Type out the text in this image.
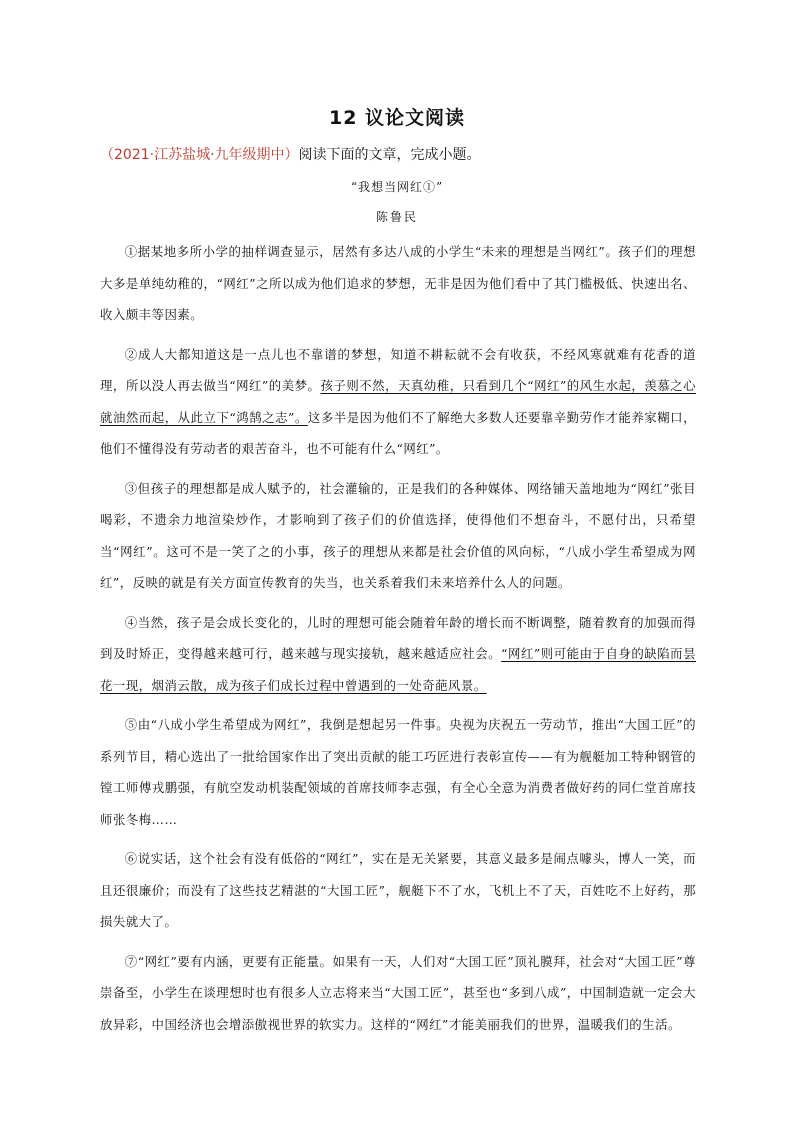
12 议论文阅读
（2021·江苏盐城·九年级期中）阅读下面的文章，完成小题。
“我想当网红①”
陈鲁民

①据某地多所小学的抽样调查显示，居然有多达八成的小学生“未来的理想是当网红”。孩子们的理想大多是单纯幼稚的，“网红”之所以成为他们追求的梦想，无非是因为他们看中了其门槛极低、快速出名、收入颇丰等因素。

②成人大都知道这是一点儿也不靠谱的梦想，知道不耕耘就不会有收获，不经风寒就难有花香的道理，所以没人再去做当“网红”的美梦。孩子则不然，天真幼稚，只看到几个“网红”的风生水起，羡慕之心就油然而起，从此立下“鸿鹄之志”。这多半是因为他们不了解绝大多数人还要靠辛勤劳作才能养家糊口，他们不懂得没有劳动者的艰苦奋斗，也不可能有什么“网红”。

③但孩子的理想都是成人赋予的，社会灌输的，正是我们的各种媒体、网络铺天盖地地为“网红”张目喝彩，不遗余力地渲染炒作，才影响到了孩子们的价值选择，使得他们不想奋斗，不愿付出，只希望当“网红”。这可不是一笑了之的小事，孩子的理想从来都是社会价值的风向标，“八成小学生希望成为网红”，反映的就是有关方面宣传教育的失当，也关系着我们未来培养什么人的问题。

④当然，孩子是会成长变化的，儿时的理想可能会随着年龄的增长而不断调整，随着教育的加强而得到及时矫正，变得越来越可行，越来越与现实接轨，越来越适应社会。“网红”则可能由于自身的缺陷而昙花一现，烟消云散，成为孩子们成长过程中曾遇到的一处奇葩风景。

⑤由“八成小学生希望成为网红”，我倒是想起另一件事。央视为庆祝五一劳动节，推出“大国工匠”的系列节目，精心选出了一批给国家作出了突出贡献的能工巧匠进行表彰宣传——有为舰艇加工特种钢管的镗工师傅戎鹏强，有航空发动机装配领域的首席技师李志强，有全心全意为消费者做好药的同仁堂首席技师张冬梅……

⑥说实话，这个社会有没有低俗的“网红”，实在是无关紧要，其意义最多是闹点噱头，博人一笑，而且还很廉价；而没有了这些技艺精湛的“大国工匠”，舰艇下不了水，飞机上不了天，百姓吃不上好药，那损失就大了。

⑦“网红”要有内涵，更要有正能量。如果有一天，人们对“大国工匠”顶礼膜拜，社会对“大国工匠”尊崇备至，小学生在谈理想时也有很多人立志将来当“大国工匠”，甚至也“多到八成”，中国制造就一定会大放异彩，中国经济也会增添傲视世界的软实力。这样的“网红”才能美丽我们的世界，温暖我们的生活。
